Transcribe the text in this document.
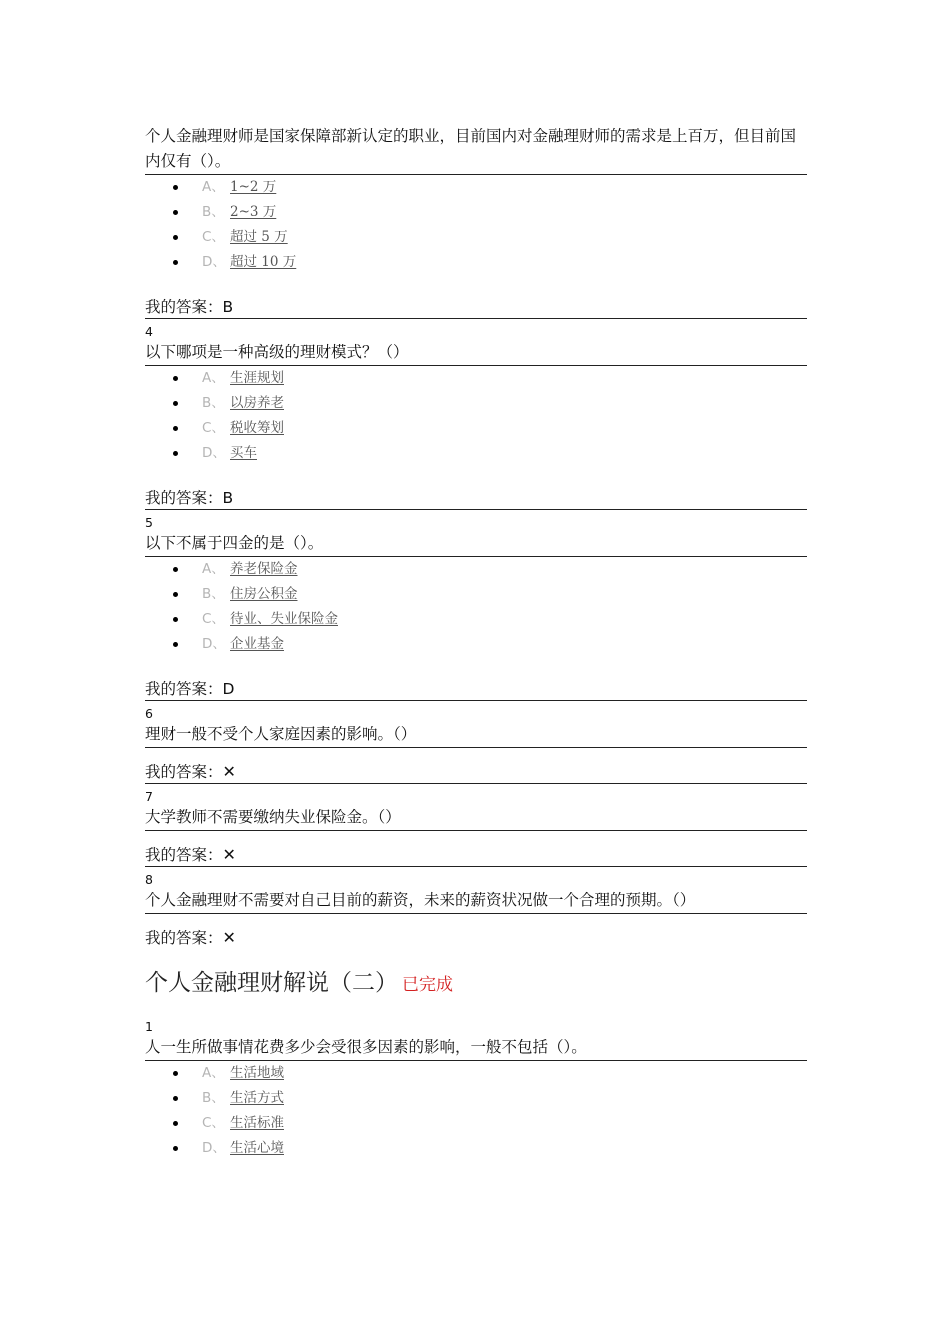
个人金融理财师是国家保障部新认定的职业，目前国内对金融理财师的需求是上百万，但目前国内仅有（）。
A、 1~2 万
B、 2~3 万
C、 超过 5 万
D、 超过 10 万
我的答案：B
4
以下哪项是一种高级的理财模式？（）
A、 生涯规划
B、 以房养老
C、 税收筹划
D、 买车
我的答案：B
5
以下不属于四金的是（）。
A、 养老保险金
B、 住房公积金
C、 待业、失业保险金
D、 企业基金
我的答案：D
6
理财一般不受个人家庭因素的影响。（）
我的答案：✕
7
大学教师不需要缴纳失业保险金。（）
我的答案：✕
8
个人金融理财不需要对自己目前的薪资，未来的薪资状况做一个合理的预期。（）
我的答案：✕
个人金融理财解说（二） 已完成
1
人一生所做事情花费多少会受很多因素的影响，一般不包括（）。
A、 生活地域
B、 生活方式
C、 生活标准
D、 生活心境
